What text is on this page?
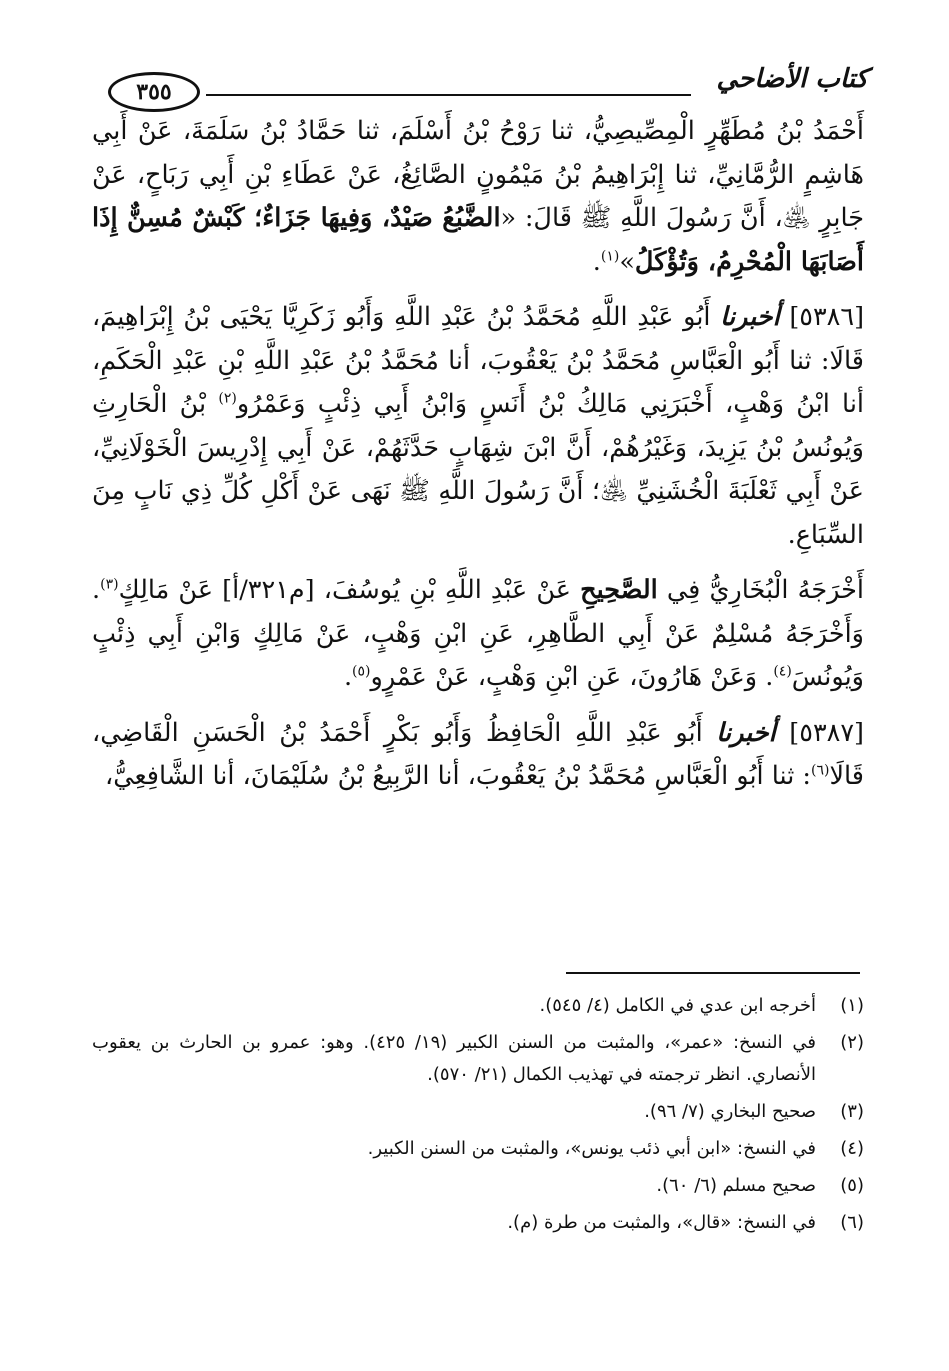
٣٥٥	كتاب الأضاحي

أَحْمَدُ بْنُ مُطَهِّرٍ الْمِصِّيصِيُّ، ثنا رَوْحُ بْنُ أَسْلَمَ، ثنا حَمَّادُ بْنُ سَلَمَةَ، عَنْ أَبِي هَاشِمٍ الرُّمَّانِيِّ، ثنا إِبْرَاهِيمُ بْنُ مَيْمُونٍ الصَّائِغُ، عَنْ عَطَاءِ بْنِ أَبِي رَبَاحٍ، عَنْ جَابِرٍ ﵁، أَنَّ رَسُولَ اللَّهِ ﷺ قَالَ: «الضَّبُعُ صَيْدٌ، وَفِيهَا جَزَاءٌ؛ كَبْشٌ مُسِنٌّ إِذَا أَصَابَهَا الْمُحْرِمُ، وَتُؤْكَلُ»$^{(١)}$.

[٥٣٨٦] أخبرنا أَبُو عَبْدِ اللَّهِ مُحَمَّدُ بْنُ عَبْدِ اللَّهِ وَأَبُو زَكَرِيَّا يَحْيَى بْنُ إِبْرَاهِيمَ، قَالَا: ثنا أَبُو الْعَبَّاسِ مُحَمَّدُ بْنُ يَعْقُوبَ، أنا مُحَمَّدُ بْنُ عَبْدِ اللَّهِ بْنِ عَبْدِ الْحَكَمِ، أنا ابْنُ وَهْبٍ، أَخْبَرَنِي مَالِكُ بْنُ أَنَسٍ وَابْنُ أَبِي ذِئْبٍ وَعَمْرُو$^{(٢)}$ بْنُ الْحَارِثِ وَيُونُسُ بْنُ يَزِيدَ، وَغَيْرُهُمْ، أَنَّ ابْنَ شِهَابٍ حَدَّثَهُمْ، عَنْ أَبِي إِدْرِيسَ الْخَوْلَانِيِّ، عَنْ أَبِي ثَعْلَبَةَ الْخُشَنِيِّ ﵁؛ أَنَّ رَسُولَ اللَّهِ ﷺ نَهَى عَنْ أَكْلِ كُلِّ ذِي نَابٍ مِنَ السِّبَاعِ.

أَخْرَجَهُ الْبُخَارِيُّ فِي الصَّحِيحِ عَنْ عَبْدِ اللَّهِ بْنِ يُوسُفَ، [م٣٢١/أ] عَنْ مَالِكٍ$^{(٣)}$. وَأَخْرَجَهُ مُسْلِمٌ عَنْ أَبِي الطَّاهِرِ، عَنِ ابْنِ وَهْبٍ، عَنْ مَالِكٍ وَابْنِ أَبِي ذِئْبٍ وَيُونُسَ$^{(٤)}$. وَعَنْ هَارُونَ، عَنِ ابْنِ وَهْبٍ، عَنْ عَمْرٍو$^{(٥)}$.

[٥٣٨٧] أخبرنا أَبُو عَبْدِ اللَّهِ الْحَافِظُ وَأَبُو بَكْرٍ أَحْمَدُ بْنُ الْحَسَنِ الْقَاضِي، قَالَا$^{(٦)}$: ثنا أَبُو الْعَبَّاسِ مُحَمَّدُ بْنُ يَعْقُوبَ، أنا الرَّبِيعُ بْنُ سُلَيْمَانَ، أنا الشَّافِعِيُّ،

(١)
أخرجه ابن عدي في الكامل (٤/ ٥٤٥).
(٢)
في النسخ: «عمر»، والمثبت من السنن الكبير (١٩/ ٤٢٥). وهو: عمرو بن الحارث بن يعقوب الأنصاري. انظر ترجمته في تهذيب الكمال (٢١/ ٥٧٠).
(٣)
صحيح البخاري (٧/ ٩٦).
(٤)
في النسخ: «ابن أبي ذئب يونس»، والمثبت من السنن الكبير.
(٥)
صحيح مسلم (٦/ ٦٠).
(٦)
في النسخ: «قال»، والمثبت من طرة (م).
